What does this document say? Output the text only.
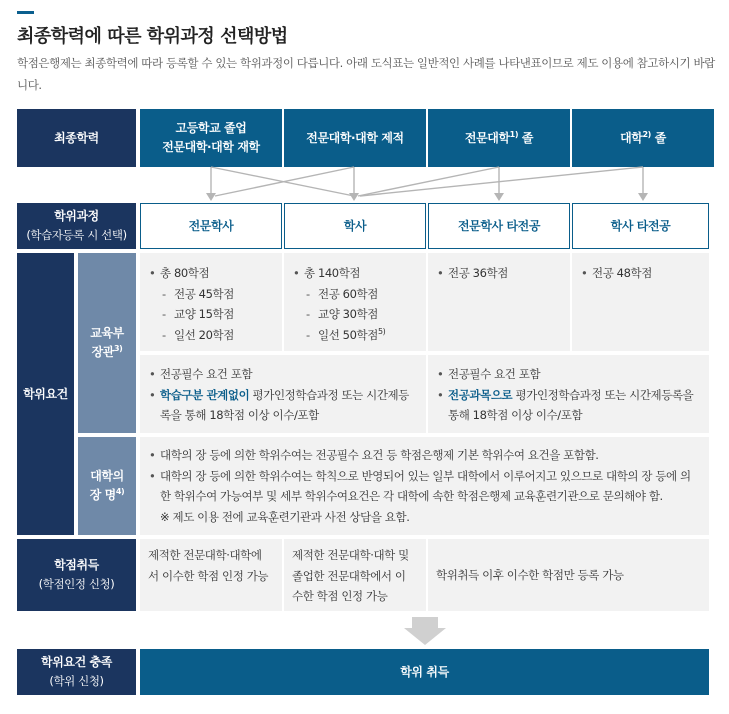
최종학력에 따른 학위과정 선택방법
학점은행제는 최종학력에 따라 등록할 수 있는 학위과정이 다릅니다. 아래 도식표는 일반적인 사례를 나타낸표이므로 제도 이용에 참고하시기 바랍니다.
최종학력
고등학교 졸업
전문대학·대학 재학
전문대학·대학 제적	전문대학$^{1)}$ 졸	대학$^{2)}$ 졸
학위과정
(학습자등록 시 선택)
전문학사	학사	전문학사 타전공	학사 타전공
학위요건
교육부 장관$^{3)}$
• 총 80학점
- 전공 45학점
- 교양 15학점
- 일선 20학점
• 총 140학점
- 전공 60학점
- 교양 30학점
- 일선 50학점$^{5)}$
• 전공 36학점
•	전공 48학점
• 전공필수 요건 포함
• 학습구분 관계없이 평가인정학습과정 또는 시간제등록을 통해 18학점 이상 이수/포함
• 전공필수 요건 포함
• 전공과목으로 평가인정학습과정 또는 시간제등록을 통해 18학점 이상 이수/포함
대학의 장 명$^{4)}$
• 대학의 장 등에 의한 학위수여는 전공필수 요건 등 학점은행제 기본 학위수여 요건을 포함함.
• 대학의 장 등에 의한 학위수여는 학칙으로 반영되어 있는 일부 대학에서 이루어지고 있으므로 대학의 장 등에 의한 학위수여 가능여부 및 세부 학위수여요건은 각 대학에 속한 학점은행제 교육훈련기관으로 문의해야 함.
※ 제도 이용 전에 교육훈련기관과 사전 상담을 요함.
학점취득
(학점인정 신청)
제적한 전문대학·대학에서 이수한 학점 인정 가능
제적한 전문대학·대학 및 졸업한 전문대학에서 이수한 학점 인정 가능
학위취득 이후 이수한 학점만 등록 가능
학위요건 충족
(학위 신청)
학위 취득
